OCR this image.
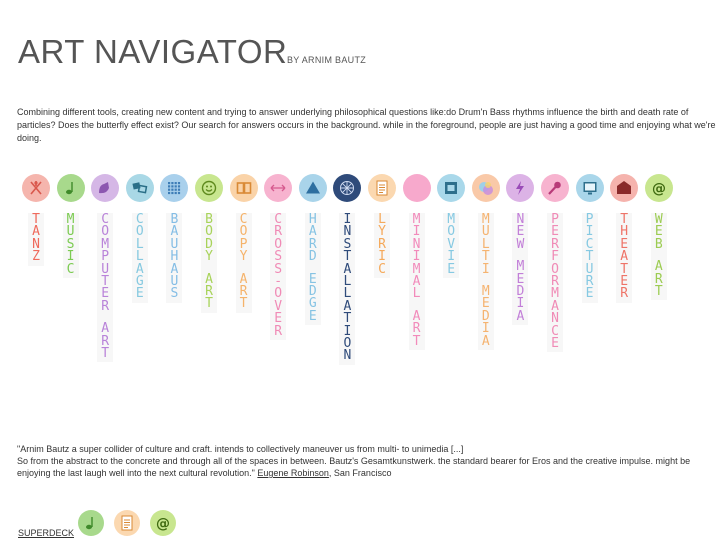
ART NAVIGATOR BY ARNIM BAUTZ

Combining different tools, creating new content and trying to answer underlying philosophical questions like:do Drum'n Bass rhythms influence the birth and death rate of particles? Does the butterfly effect exist? Our search for answers occurs in the background. while in the foreground, people are just having a good time and enjoying what we're doing.

T
A
N
Z
M
U
S
I
C
C
O
M
P
U
T
E
R

A
R
T
C
O
L
L
A
G
E
B
A
U
H
A
U
S
B
O
D
Y

A
R
T
C
O
P
Y

A
R
T
C
R
O
S
S
-
O
V
E
R
H
A
R
D

E
D
G
E
I
N
S
T
A
L
L
A
T
I
O
N
L
Y
R
I
C
M
I
N
I
M
A
L

A
R
T
M
O
V
I
E
M
U
L
T
I

M
E
D
I
A
N
E
W

M
E
D
I
A
P
E
R
F
O
R
M
A
N
C
E
P
I
C
T
U
R
E
T
H
E
A
T
E
R
@
W
E
B

A
R
T

"Arnim Bautz a super collider of culture and craft. intends to collectively maneuver us from multi- to unimedia [...]
So from the abstract to the concrete and through all of the spaces in between. Bautz's Gesamtkunstwerk. the standard bearer for Eros and the creative impulse. might be
enjoying the last laugh well into the next cultural revolution." Eugene Robinson, San Francisco

SUPERDECK
@
